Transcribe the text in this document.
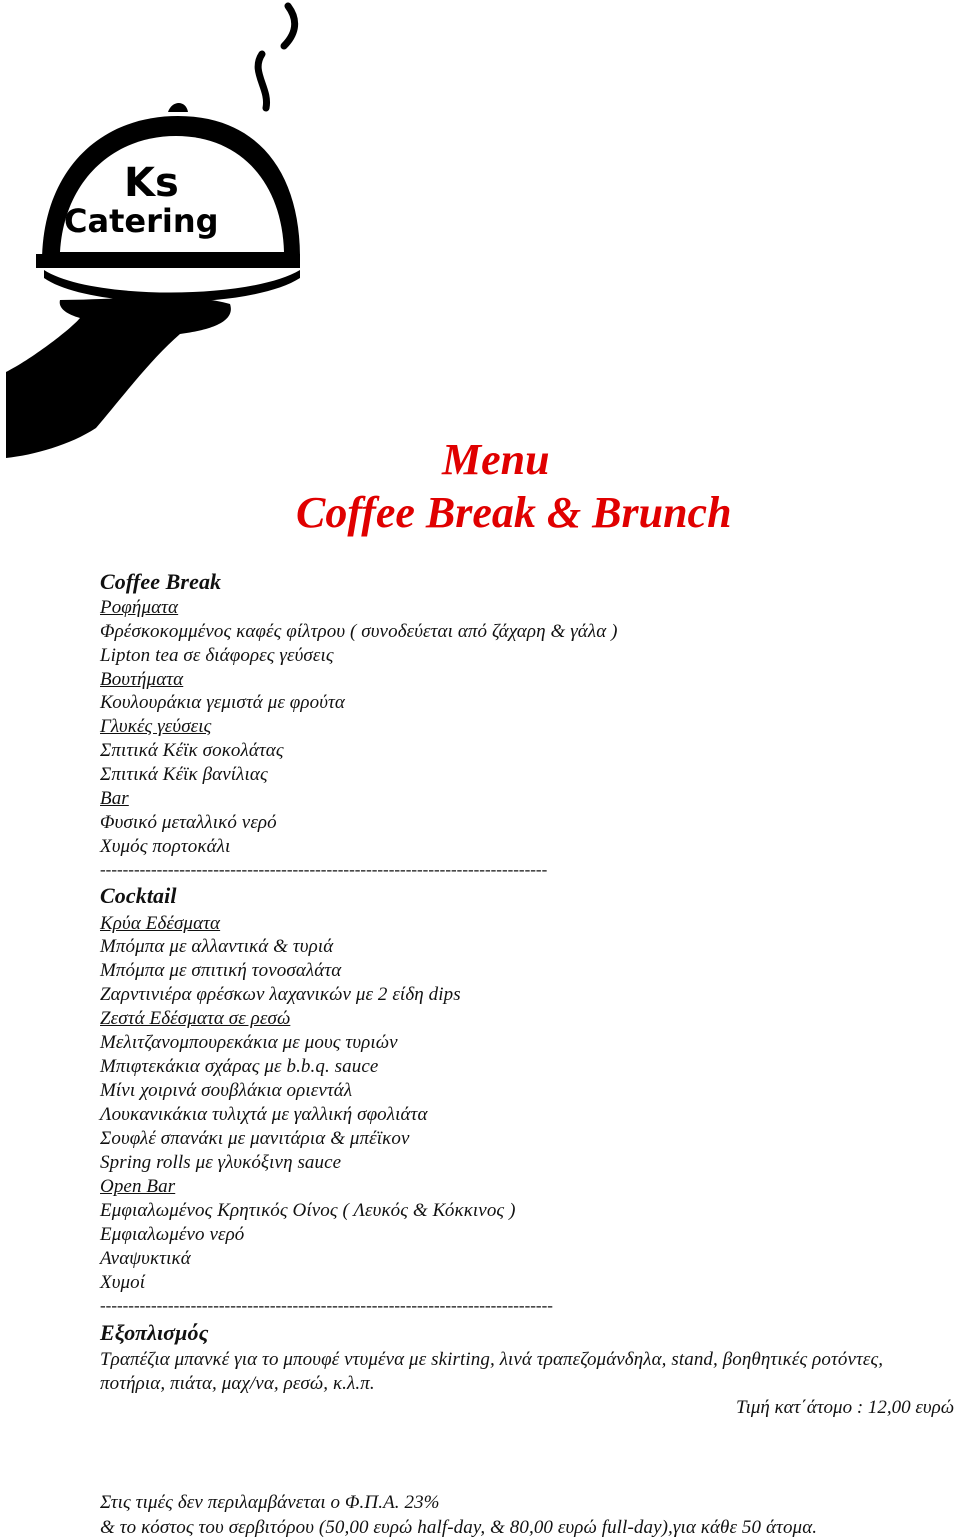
Ks
Catering
Menu
Coffee Break & Brunch
Coffee Break
Ροφήματα
Φρέσκοκομμένος καφές φίλτρου ( συνοδεύεται από ζάχαρη & γάλα )
Lipton tea σε διάφορες γεύσεις
Βουτήματα
Κουλουράκια γεμιστά με φρούτα
Γλυκές γεύσεις
Σπιτικά Κέϊκ σοκολάτας
Σπιτικά Κέϊκ βανίλιας
Bar
Φυσικό μεταλλικό νερό
Χυμός πορτοκάλι
-------------------------------------------------------------------------------
Cocktail
Κρύα Εδέσματα
Μπόμπα με αλλαντικά & τυριά
Μπόμπα με σπιτική τονοσαλάτα
Ζαρντινιέρα φρέσκων λαχανικών με 2 είδη dips
Ζεστά Εδέσματα σε ρεσώ
Μελιτζανομπουρεκάκια με μους τυριών
Μπιφτεκάκια σχάρας με b.b.q. sauce
Μίνι χοιρινά σουβλάκια οριεντάλ
Λουκανικάκια τυλιχτά με γαλλική σφολιάτα
Σουφλέ σπανάκι με μανιτάρια & μπέϊκον
Spring rolls με γλυκόξινη sauce
Open Bar
Εμφιαλωμένος Κρητικός Οίνος ( Λευκός & Κόκκινος )
Εμφιαλωμένο νερό
Αναψυκτικά
Χυμοί
--------------------------------------------------------------------------------
Εξοπλισμός
Τραπέζια μπανκέ για το μπουφέ ντυμένα με skirting, λινά τραπεζομάνδηλα, stand, βοηθητικές ροτόντες,
ποτήρια, πιάτα, μαχ/να, ρεσώ, κ.λ.π.
Τιμή κατ΄άτομο : 12,00 ευρώ
Στις τιμές δεν περιλαμβάνεται ο Φ.Π.Α. 23%
& το κόστος του σερβιτόρου (50,00 ευρώ half-day, & 80,00 ευρώ full-day),για κάθε 50 άτομα.
